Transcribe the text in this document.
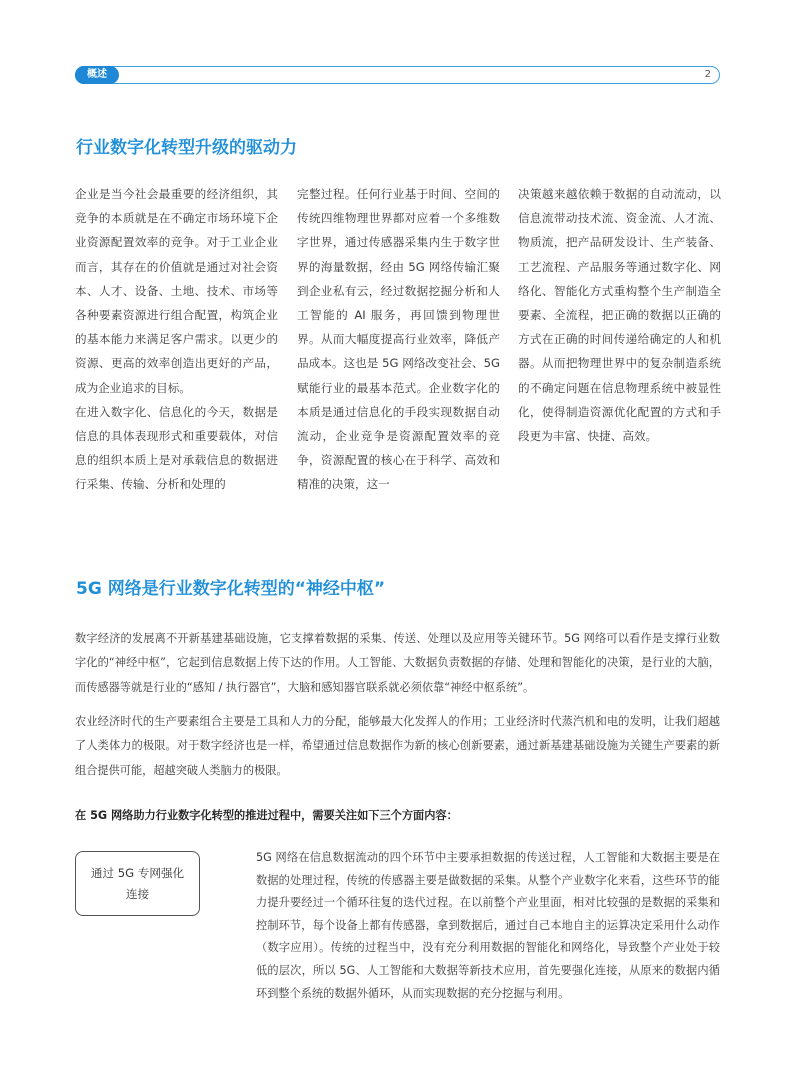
概述	2
行业数字化转型升级的驱动力

企业是当今社会最重要的经济组织，其竞争的本质就是在不确定市场环境下企业资源配置效率的竞争。对于工业企业而言，其存在的价值就是通过对社会资本、人才、设备、土地、技术、市场等各种要素资源进行组合配置，构筑企业的基本能力来满足客户需求。以更少的资源、更高的效率创造出更好的产品，成为企业追求的目标。

在进入数字化、信息化的今天，数据是信息的具体表现形式和重要载体，对信息的组织本质上是对承载信息的数据进行采集、传输、分析和处理的

完整过程。任何行业基于时间、空间的传统四维物理世界都对应着一个多维数字世界，通过传感器采集内生于数字世界的海量数据，经由 5G 网络传输汇聚到企业私有云，经过数据挖掘分析和人工智能的 AI 服务，再回馈到物理世界。从而大幅度提高行业效率，降低产品成本。这也是 5G 网络改变社会、5G赋能行业的最基本范式。企业数字化的本质是通过信息化的手段实现数据自动流动，企业竞争是资源配置效率的竞争，资源配置的核心在于科学、高效和精准的决策，这一

决策越来越依赖于数据的自动流动，以信息流带动技术流、资金流、人才流、物质流，把产品研发设计、生产装备、工艺流程、产品服务等通过数字化、网络化、智能化方式重构整个生产制造全要素、全流程，把正确的数据以正确的方式在正确的时间传递给确定的人和机器。从而把物理世界中的复杂制造系统的不确定问题在信息物理系统中被显性化，使得制造资源优化配置的方式和手段更为丰富、快捷、高效。

5G 网络是行业数字化转型的“神经中枢”

数字经济的发展离不开新基建基础设施，它支撑着数据的采集、传送、处理以及应用等关键环节。5G 网络可以看作是支撑行业数字化的“神经中枢”，它起到信息数据上传下达的作用。人工智能、大数据负责数据的存储、处理和智能化的决策，是行业的大脑，而传感器等就是行业的“感知 / 执行器官”，大脑和感知器官联系就必须依靠“神经中枢系统”。

农业经济时代的生产要素组合主要是工具和人力的分配，能够最大化发挥人的作用；工业经济时代蒸汽机和电的发明，让我们超越了人类体力的极限。对于数字经济也是一样，希望通过信息数据作为新的核心创新要素，通过新基建基础设施为关键生产要素的新组合提供可能，超越突破人类脑力的极限。

在 5G 网络助力行业数字化转型的推进过程中，需要关注如下三个方面内容：

通过 5G 专网强化连接

5G 网络在信息数据流动的四个环节中主要承担数据的传送过程，人工智能和大数据主要是在数据的处理过程，传统的传感器主要是做数据的采集。从整个产业数字化来看，这些环节的能力提升要经过一个循环往复的迭代过程。在以前整个产业里面，相对比较强的是数据的采集和控制环节，每个设备上都有传感器，拿到数据后，通过自己本地自主的运算决定采用什么动作（数字应用）。传统的过程当中，没有充分利用数据的智能化和网络化，导致整个产业处于较低的层次，所以 5G、人工智能和大数据等新技术应用，首先要强化连接，从原来的数据内循环到整个系统的数据外循环，从而实现数据的充分挖掘与利用。
